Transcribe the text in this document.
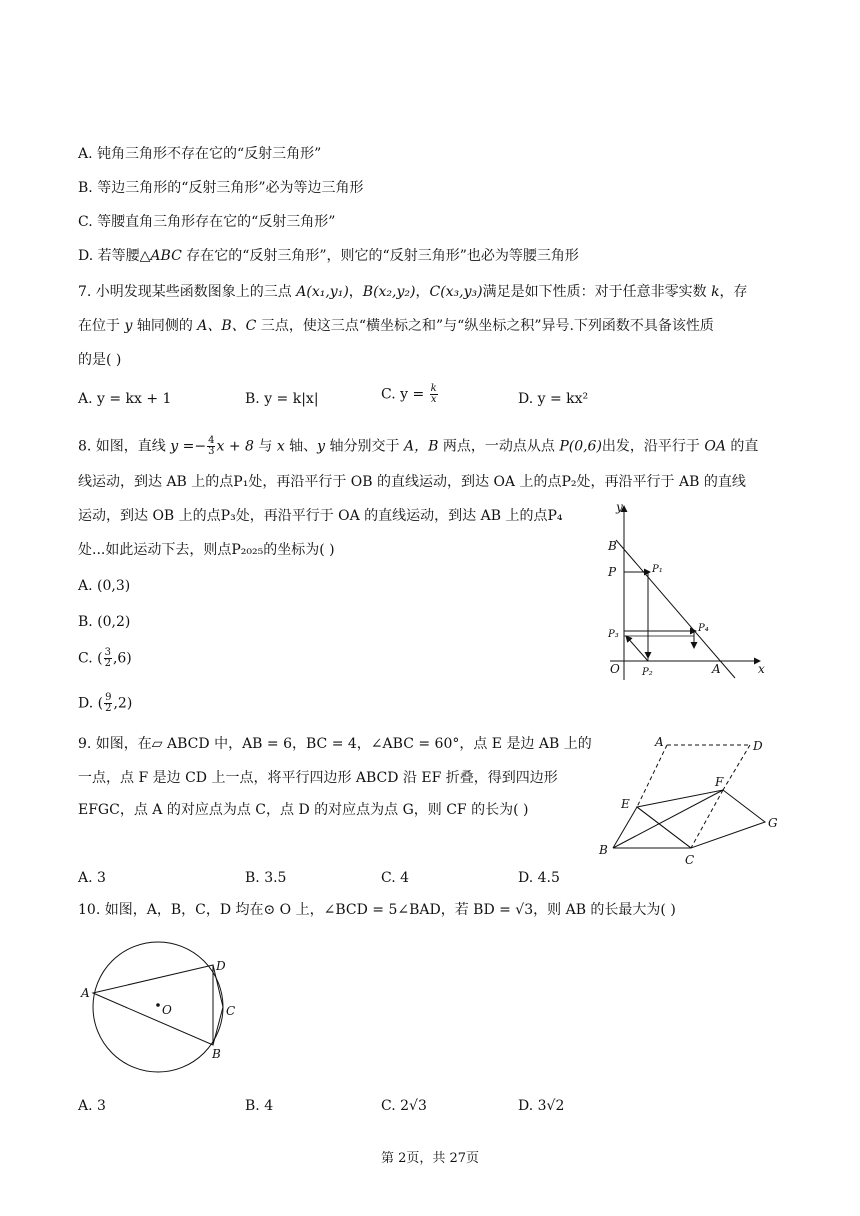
A. 钝角三角形不存在它的“反射三角形”
B. 等边三角形的“反射三角形”必为等边三角形
C. 等腰直角三角形存在它的“反射三角形”
D. 若等腰△ABC 存在它的“反射三角形”，则它的“反射三角形”也必为等腰三角形
7. 小明发现某些函数图象上的三点 A(x₁,y₁)，B(x₂,y₂)，C(x₃,y₃)满足是如下性质：对于任意非零实数 k，存
在位于 y 轴同侧的 A、B、C 三点，使这三点“横坐标之和”与“纵坐标之积”异号.下列函数不具备该性质
的是( )
A. y = kx + 1	B. y = k|x|	C. $y = \frac{k}{x}$	D. y = kx²
8. 如图，直线 $y =- \frac{4}{3}$ x + 8 与 x 轴、y 轴分别交于 A，B 两点，一动点从点 P(0,6)出发，沿平行于 OA 的直
线运动，到达 AB 上的点P₁处，再沿平行于 OB 的直线运动，到达 OA 上的点P₂处，再沿平行于 AB 的直线
运动，到达 OB 上的点P₃处，再沿平行于 OA 的直线运动，到达 AB 上的点P₄
处...如此运动下去，则点P₂₀₂₅的坐标为( )
A. (0,3)
B. (0,2)
C. ( $\frac{3}{2} ,6$)
D. ( $\frac{9}{2} ,2$)
y
B
P	P₁
P₃
P₄
O P₂	A	x
9. 如图，在▱ ABCD 中，AB = 6，BC = 4，∠ABC = 60°，点 E 是边 AB 上的
一点，点 F 是边 CD 上一点，将平行四边形 ABCD 沿 EF 折叠，得到四边形
EFGC，点 A 的对应点为点 C，点 D 的对应点为点 G，则 CF 的长为( )
A. 3	B. 3.5	C. 4	D. 4.5
A	D
E
F
G
B
C
10. 如图，A，B，C，D 均在⊙ O 上，∠BCD = 5∠BAD，若 BD = √3，则 AB 的长最大为( )
A
D
O	C
B
A. 3	B. 4	C. 2√3	D. 3√2
第 2页，共 27页
